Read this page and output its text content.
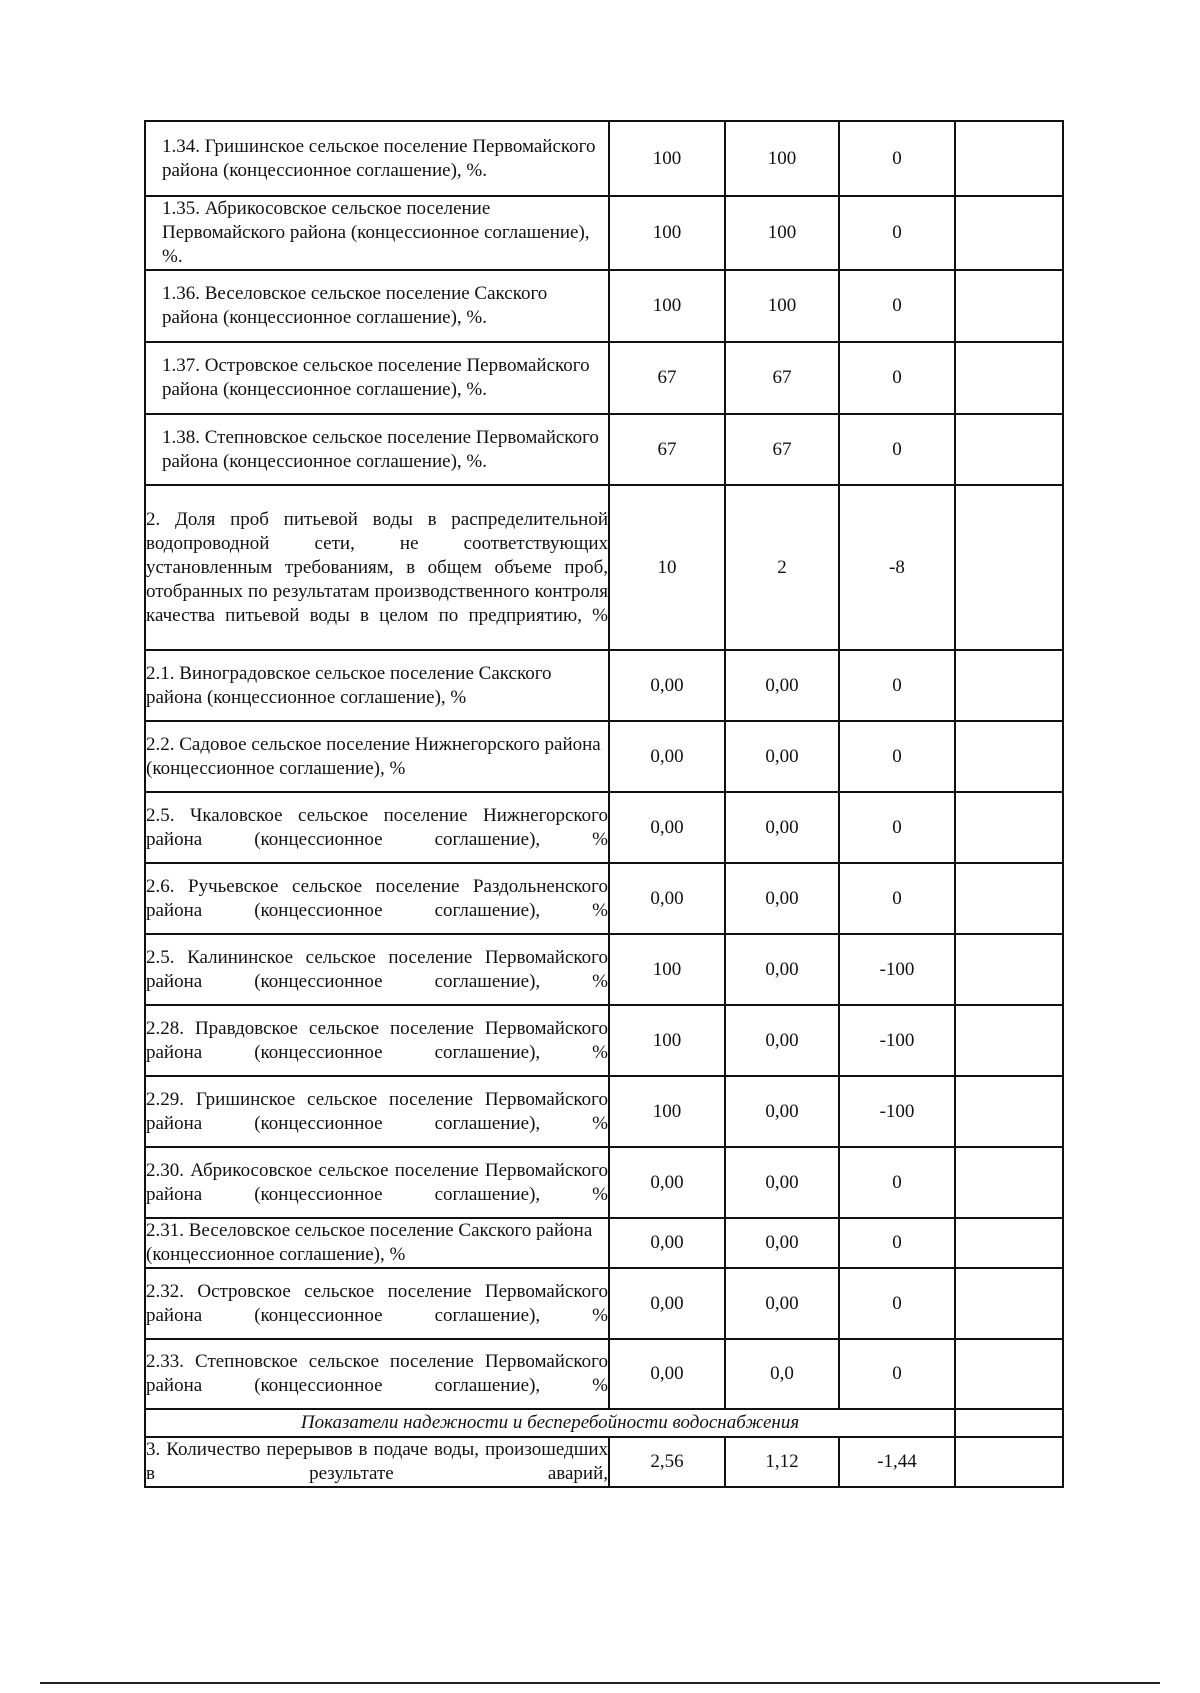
1.34. Гришинское сельское поселение Первомайского района (концессионное соглашение), %.	100	100	0	
1.35. Абрикосовское сельское поселение Первомайского района (концессионное соглашение), %.	100	100	0	
1.36. Веселовское сельское поселение Сакского района (концессионное соглашение), %.	100	100	0	
1.37. Островское сельское поселение Первомайского района (концессионное соглашение), %.	67	67	0	
1.38. Степновское сельское поселение Первомайского района (концессионное соглашение), %.	67	67	0	
2. Доля проб питьевой воды в распределительной водопроводной сети, не соответствующих установленным требованиям, в общем объеме проб, отобранных по результатам производственного контроля качества питьевой воды в целом по предприятию, %	10	2	-8	
2.1. Виноградовское сельское поселение Сакского района (концессионное соглашение), %	0,00	0,00	0	
2.2. Садовое сельское поселение Нижнегорского района (концессионное соглашение), %	0,00	0,00	0	
2.5. Чкаловское сельское поселение Нижнегорского района (концессионное соглашение), %	0,00	0,00	0	
2.6. Ручьевское сельское поселение Раздольненского района (концессионное соглашение), %	0,00	0,00	0	
2.5. Калининское сельское поселение Первомайского района (концессионное соглашение), %	100	0,00	-100	
2.28. Правдовское сельское поселение Первомайского района (концессионное соглашение), %	100	0,00	-100	
2.29. Гришинское сельское поселение Первомайского района (концессионное соглашение), %	100	0,00	-100	
2.30. Абрикосовское сельское поселение Первомайского района (концессионное соглашение), %	0,00	0,00	0	
2.31. Веселовское сельское поселение Сакского района (концессионное соглашение), %	0,00	0,00	0	
2.32. Островское сельское поселение Первомайского района (концессионное соглашение), %	0,00	0,00	0	
2.33. Степновское сельское поселение Первомайского района (концессионное соглашение), %	0,00	0,0	0	
Показатели надежности и бесперебойности водоснабжения				
3. Количество перерывов в подаче воды, произошедших в результате аварий,	2,56	1,12	-1,44	
